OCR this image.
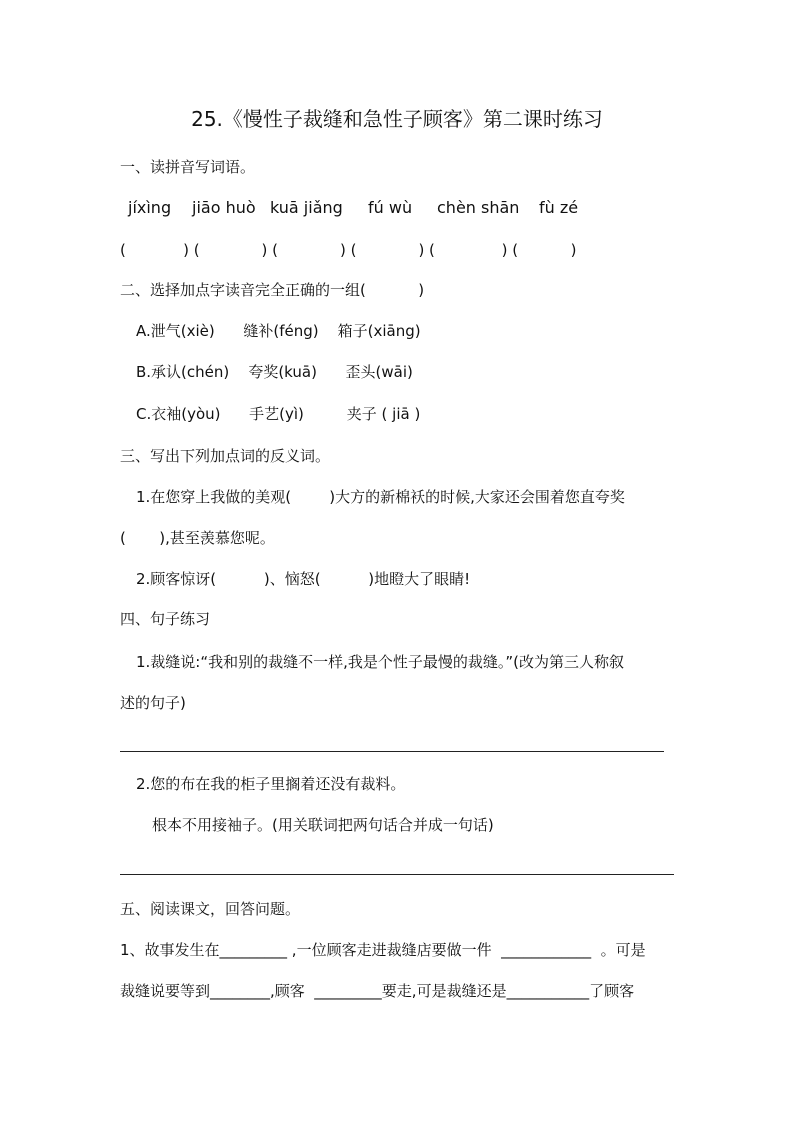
25.《慢性子裁缝和急性子顾客》第二课时练习
一、读拼音写词语。

jíxìng

jiāo huò

kuā jiǎng

fú wù

chèn shān

fù zé

(            ) (             ) (             ) (             ) (              ) (           )
二、选择加点字读音完全正确的一组(           )
A.泄气(xiè)      缝补(féng)    箱子(xiāng)
B.承认(chén)    夸奖(kuā)      歪头(wāi)
C.衣袖(yòu)      手艺(yì)         夹子 ( jiā )
三、写出下列加点词的反义词。
1.在您穿上我做的美观(        )大方的新棉袄的时候,大家还会围着您直夸奖
(       ),甚至羡慕您呢。
2.顾客惊讶(          )、恼怒(          )地瞪大了眼睛!
四、句子练习
1.裁缝说:“我和别的裁缝不一样,我是个性子最慢的裁缝。”(改为第三人称叙
述的句子)
2.您的布在我的柜子里搁着还没有裁料。
根本不用接袖子。(用关联词把两句话合并成一句话)
五、阅读课文，回答问题。
1、故事发生在_________ ,一位顾客走进裁缝店要做一件  ____________  。可是
裁缝说要等到________,顾客  _________要走,可是裁缝还是___________了顾客
